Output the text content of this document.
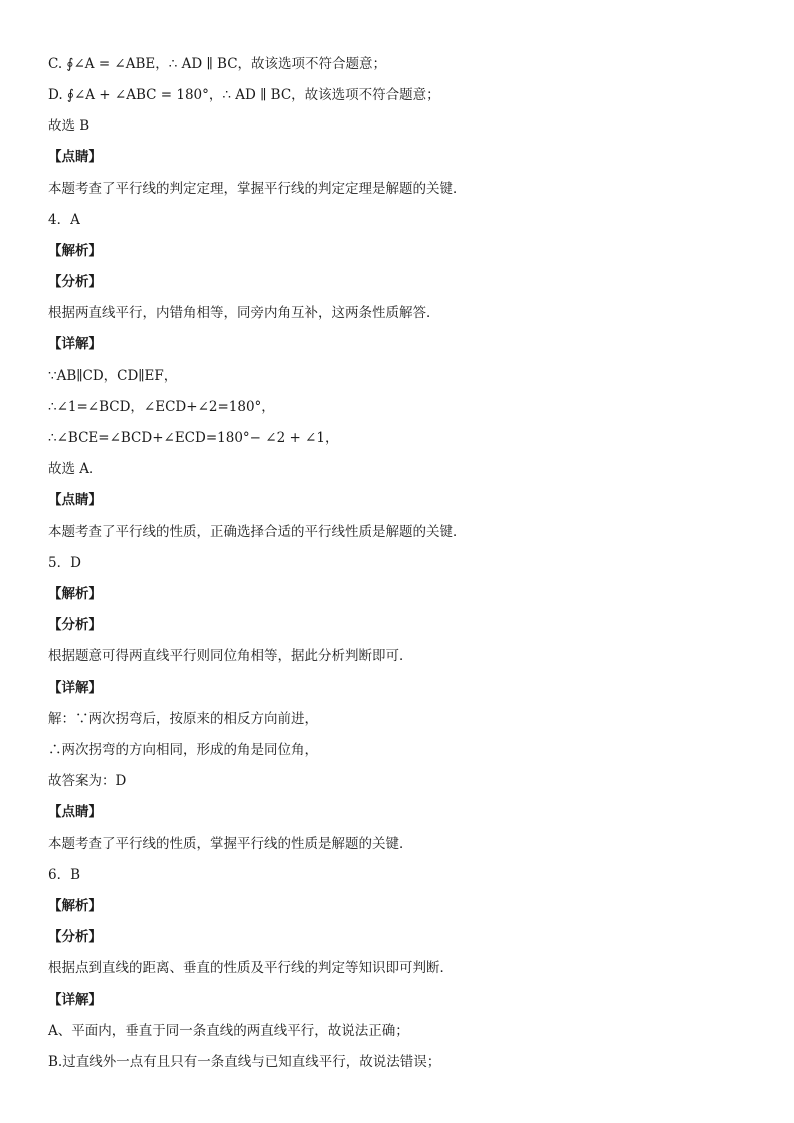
C. ∮∠A = ∠ABE，∴ AD ∥ BC，故该选项不符合题意；
D. ∮∠A + ∠ABC = 180°，∴ AD ∥ BC，故该选项不符合题意；
故选 B
【点睛】
本题考查了平行线的判定定理，掌握平行线的判定定理是解题的关键．
4．A
【解析】
【分析】
根据两直线平行，内错角相等，同旁内角互补，这两条性质解答．
【详解】
∵AB∥CD，CD∥EF，
∴∠1=∠BCD，∠ECD+∠2=180°，
∴∠BCE=∠BCD+∠ECD=180°− ∠2 + ∠1，
故选 A．
【点睛】
本题考查了平行线的性质，正确选择合适的平行线性质是解题的关键．
5．D
【解析】
【分析】
根据题意可得两直线平行则同位角相等，据此分析判断即可．
【详解】
解：∵两次拐弯后，按原来的相反方向前进，
∴两次拐弯的方向相同，形成的角是同位角，
故答案为：D
【点睛】
本题考查了平行线的性质，掌握平行线的性质是解题的关键．
6．B
【解析】
【分析】
根据点到直线的距离、垂直的性质及平行线的判定等知识即可判断．
【详解】
A、平面内，垂直于同一条直线的两直线平行，故说法正确；
B.过直线外一点有且只有一条直线与已知直线平行，故说法错误；
